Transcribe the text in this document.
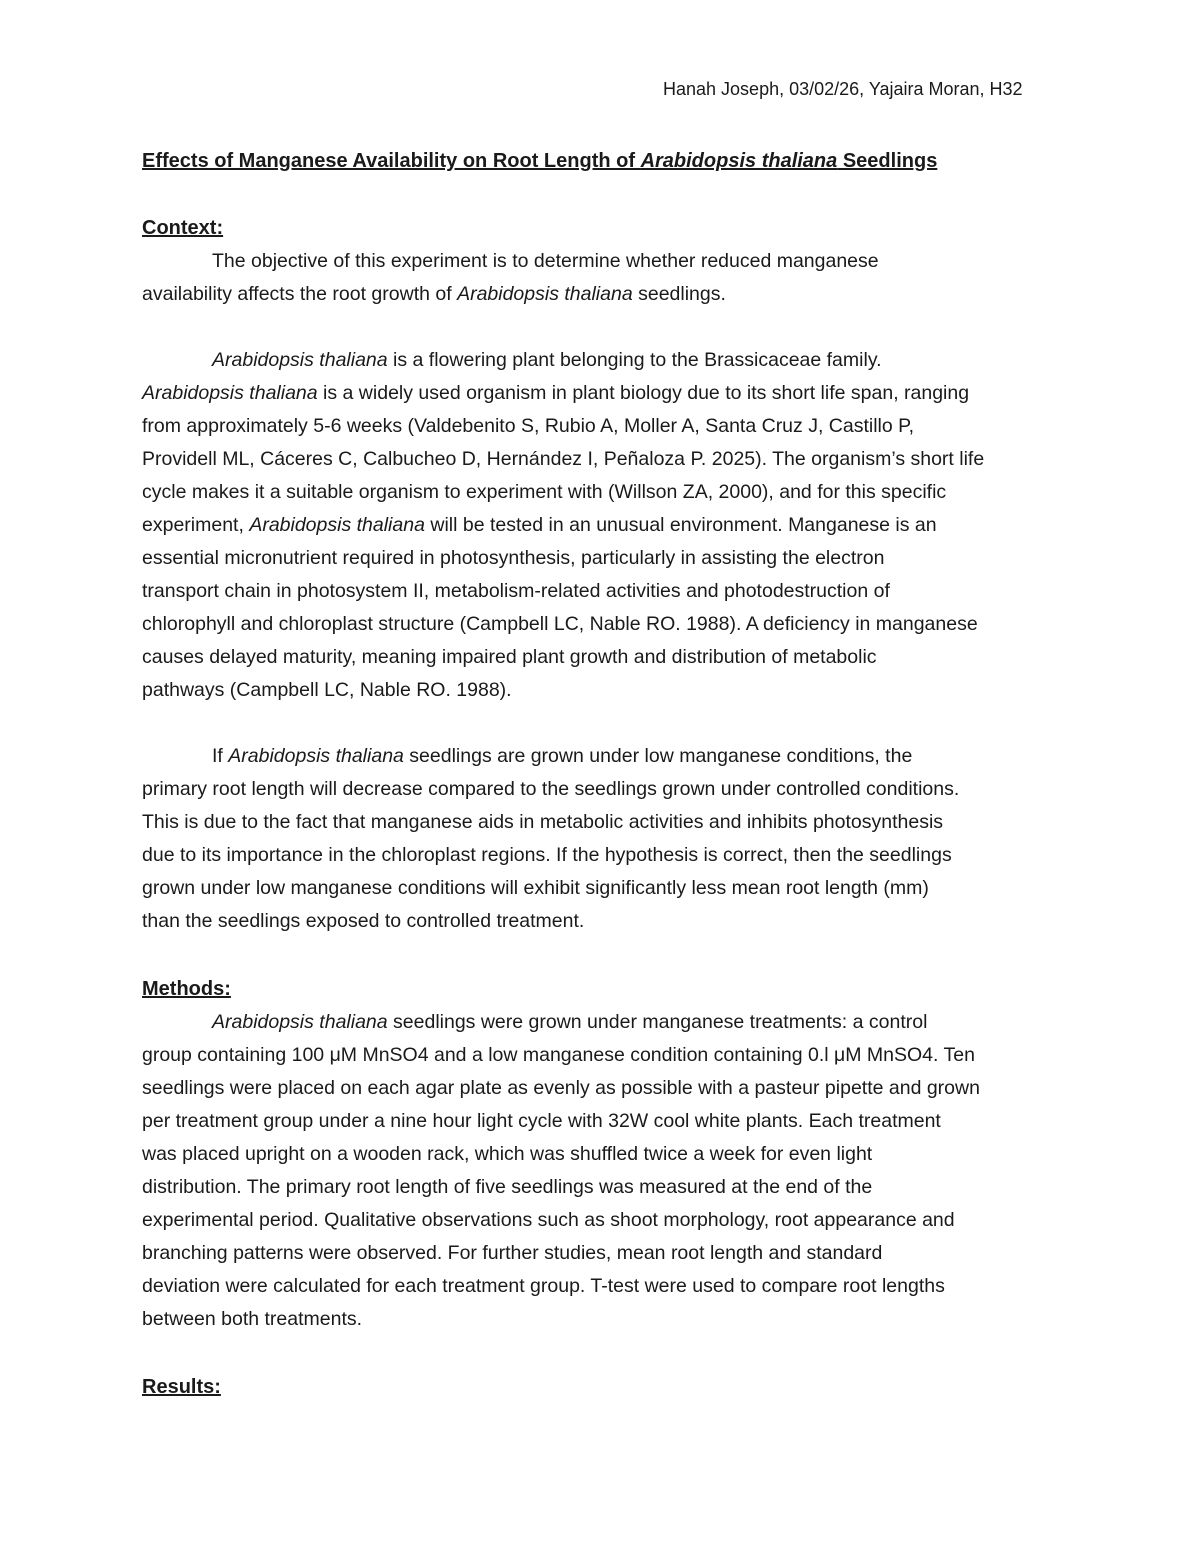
Hanah Joseph, 03/02/26, Yajaira Moran, H32
Effects of Manganese Availability on Root Length of Arabidopsis thaliana Seedlings
Context:
The objective of this experiment is to determine whether reduced manganese
availability affects the root growth of Arabidopsis thaliana seedlings.
Arabidopsis thaliana is a flowering plant belonging to the Brassicaceae family.
Arabidopsis thaliana is a widely used organism in plant biology due to its short life span, ranging
from approximately 5-6 weeks (Valdebenito S, Rubio A, Moller A, Santa Cruz J, Castillo P,
Providell ML, Cáceres C, Calbucheo D, Hernández I, Peñaloza P. 2025). The organism’s short life
cycle makes it a suitable organism to experiment with (Willson ZA, 2000), and for this specific
experiment, Arabidopsis thaliana will be tested in an unusual environment. Manganese is an
essential micronutrient required in photosynthesis, particularly in assisting the electron
transport chain in photosystem II, metabolism-related activities and photodestruction of
chlorophyll and chloroplast structure (Campbell LC, Nable RO. 1988). A deficiency in manganese
causes delayed maturity, meaning impaired plant growth and distribution of metabolic
pathways (Campbell LC, Nable RO. 1988).
If Arabidopsis thaliana seedlings are grown under low manganese conditions, the
primary root length will decrease compared to the seedlings grown under controlled conditions.
This is due to the fact that manganese aids in metabolic activities and inhibits photosynthesis
due to its importance in the chloroplast regions. If the hypothesis is correct, then the seedlings
grown under low manganese conditions will exhibit significantly less mean root length (mm)
than the seedlings exposed to controlled treatment.
Methods:
Arabidopsis thaliana seedlings were grown under manganese treatments: a control
group containing 100 μM MnSO4 and a low manganese condition containing 0.l μM MnSO4. Ten
seedlings were placed on each agar plate as evenly as possible with a pasteur pipette and grown
per treatment group under a nine hour light cycle with 32W cool white plants. Each treatment
was placed upright on a wooden rack, which was shuffled twice a week for even light
distribution. The primary root length of five seedlings was measured at the end of the
experimental period. Qualitative observations such as shoot morphology, root appearance and
branching patterns were observed. For further studies, mean root length and standard
deviation were calculated for each treatment group. T-test were used to compare root lengths
between both treatments.
Results:
